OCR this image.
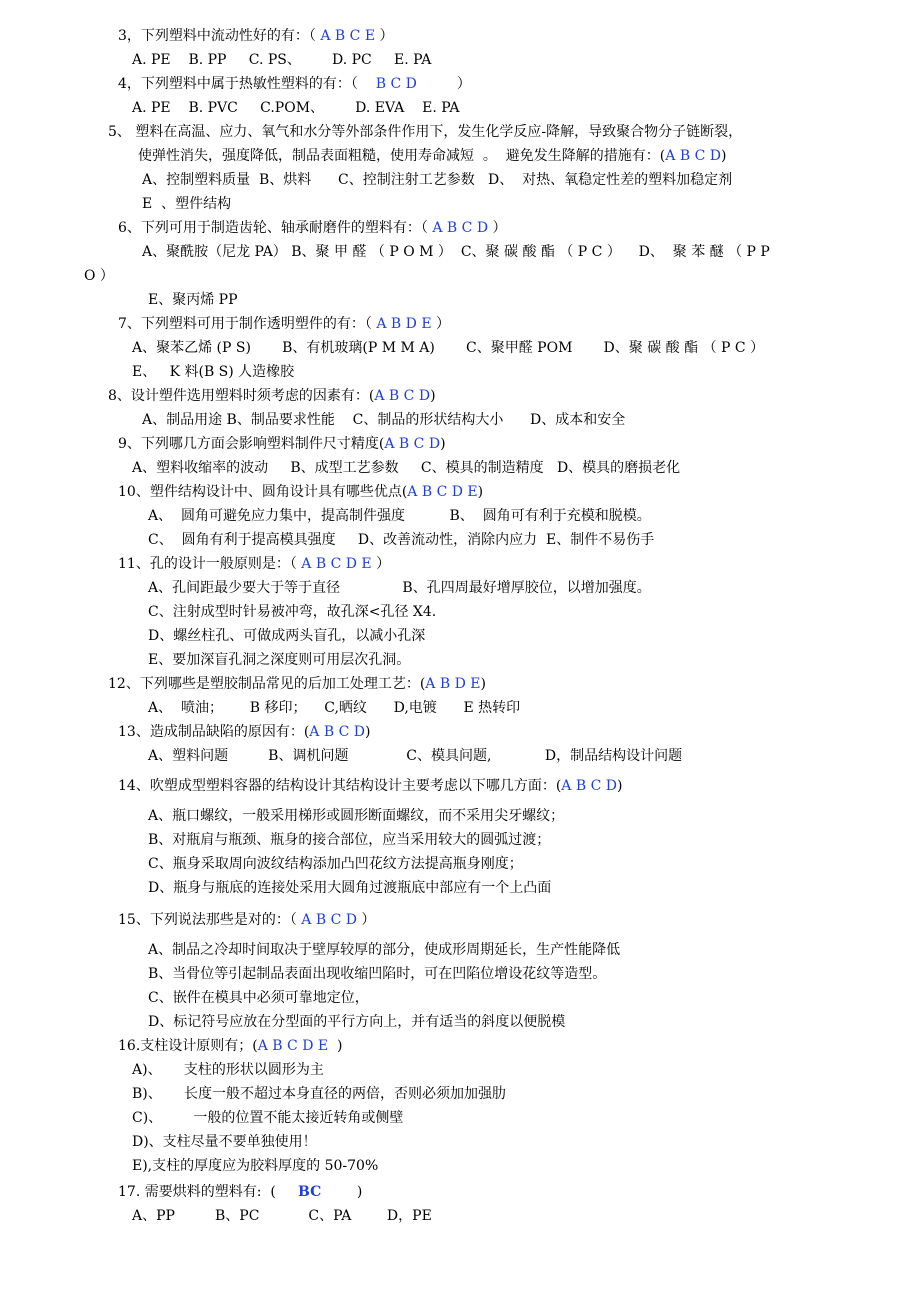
3，下列塑料中流动性好的有：（ A B C E ）
A. PE    B. PP     C. PS、       D. PC     E. PA
4，下列塑料中属于热敏性塑料的有：（    B C D         ）
A. PE    B. PVC     C.POM、       D. EVA    E. PA
5、 塑料在高温、应力、氧气和水分等外部条件作用下，发生化学反应-降解，导致聚合物分子链断裂，
使弹性消失，强度降低，制品表面粗糙，使用寿命减短  。  避免发生降解的措施有：(A B C D)
A、控制塑料质量  B、烘料      C、控制注射工艺参数   D、  对热、氧稳定性差的塑料加稳定剂
E  、塑件结构
6、下列可用于制造齿轮、轴承耐磨件的塑料有：（ A B C D ）
A、聚酰胺（尼龙 PA） B、聚 甲 醛 （ P O M ）  C、聚 碳 酸 酯 （ P C ）    D、  聚 苯 醚 （ P P
O ）
E、聚丙烯 PP
7、下列塑料可用于制作透明塑件的有：（ A B D E ）
A、聚苯乙烯 (P S)       B、有机玻璃(P M M A)       C、聚甲醛 POM       D、聚 碳 酸 酯 （ P C ）
E、   K 料(B S) 人造橡胶
8、设计塑件选用塑料时须考虑的因素有：(A B C D)
A、制品用途 B、制品要求性能    C、制品的形状结构大小      D、成本和安全
9、下列哪几方面会影响塑料制件尺寸精度(A B C D)
A、塑料收缩率的波动     B、成型工艺参数     C、模具的制造精度   D、模具的磨损老化
10、塑件结构设计中、圆角设计具有哪些优点(A B C D E)
A、  圆角可避免应力集中，提高制件强度          B、  圆角可有利于充模和脱模。
C、  圆角有利于提高模具强度     D、改善流动性，消除内应力  E、制件不易伤手
11、孔的设计一般原则是：（ A B C D E ）
A、孔间距最少要大于等于直径              B、孔四周最好增厚胶位，以增加强度。
C、注射成型时针易被冲弯，故孔深<孔径 X4.
D、螺丝柱孔、可做成两头盲孔，以减小孔深
E、要加深盲孔洞之深度则可用层次孔洞。
12、下列哪些是塑胶制品常见的后加工处理工艺：(A B D E)
A、  喷油；      B 移印；    C,晒纹      D,电镀      E 热转印
13、造成制品缺陷的原因有：(A B C D)
A、塑料问题         B、调机问题             C、模具问题,            D，制品结构设计问题
14、吹塑成型塑料容器的结构设计其结构设计主要考虑以下哪几方面：(A B C D)
A、瓶口螺纹，一般采用梯形或圆形断面螺纹，而不采用尖牙螺纹；
B、对瓶肩与瓶颈、瓶身的接合部位，应当采用较大的圆弧过渡；
C、瓶身采取周向波纹结构添加凸凹花纹方法提高瓶身刚度；
D、瓶身与瓶底的连接处采用大圆角过渡瓶底中部应有一个上凸面
15、下列说法那些是对的：（ A B C D ）
A、制品之冷却时间取决于壁厚较厚的部分，使成形周期延长，生产性能降低
B、当骨位等引起制品表面出现收缩凹陷时，可在凹陷位增设花纹等造型。
C、嵌件在模具中必须可靠地定位，
D、标记符号应放在分型面的平行方向上，并有适当的斜度以便脱模
16.支柱设计原则有；(A B C D E  )
A)、     支柱的形状以圆形为主
B)、     长度一般不超过本身直径的两倍，否则必须加加强肋
C)、       一般的位置不能太接近转角或侧壁
D)、支柱尽量不要单独使用！
E),支柱的厚度应为胶料厚度的 50-70%
17. 需要烘料的塑料有:  (     BC        )
A、PP         B、PC           C、PA        D，PE
